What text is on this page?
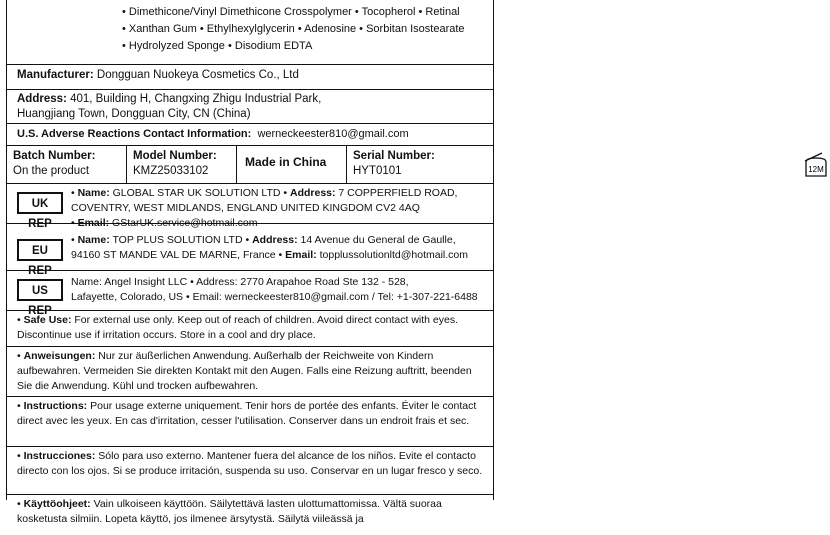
• Dimethicone/Vinyl Dimethicone Crosspolymer • Tocopherol • Retinal
• Xanthan Gum • Ethylhexylglycerin • Adenosine • Sorbitan Isostearate
• Hydrolyzed Sponge • Disodium EDTA
Manufacturer: Dongguan Nuokeya Cosmetics Co., Ltd
Address: 401, Building H, Changxing Zhigu Industrial Park,
Huangjiang Town, Dongguan City, CN (China)
U.S. Adverse Reactions Contact Information: werneckeester810@gmail.com
Batch Number:
On the product
Model Number:
KMZ25033102
Made in China	Serial Number:
HYT0101	12M
UK REP
• Name: GLOBAL STAR UK SOLUTION LTD • Address: 7 COPPERFIELD ROAD,
COVENTRY, WEST MIDLANDS, ENGLAND UNITED KINGDOM CV2 4AQ
• Email: GStarUK.service@hotmail.com
EU REP
• Name: TOP PLUS SOLUTION LTD • Address: 14 Avenue du General de Gaulle,
94160 ST MANDE VAL DE MARNE, France • Email: topplussolutionltd@hotmail.com
US REP
Name: Angel Insight LLC • Address: 2770 Arapahoe Road Ste 132 - 528,
Lafayette, Colorado, US • Email: werneckeester810@gmail.com / Tel: +1-307-221-6488
• Safe Use: For external use only. Keep out of reach of children. Avoid direct contact with eyes. Discontinue use if irritation occurs. Store in a cool and dry place.
• Anweisungen: Nur zur äußerlichen Anwendung. Außerhalb der Reichweite von Kindern aufbewahren. Vermeiden Sie direkten Kontakt mit den Augen. Falls eine Reizung auftritt, beenden Sie die Anwendung. Kühl und trocken aufbewahren.
• Instructions: Pour usage externe uniquement. Tenir hors de portée des enfants. Éviter le contact direct avec les yeux. En cas d'irritation, cesser l'utilisation. Conserver dans un endroit frais et sec.
• Instrucciones: Sólo para uso externo. Mantener fuera del alcance de los niños. Evite el contacto directo con los ojos. Si se produce irritación, suspenda su uso. Conservar en un lugar fresco y seco.
• Käyttöohjeet: Vain ulkoiseen käyttöön. Säilytettävä lasten ulottumattomissa. Vältä suoraa kosketusta silmiin. Lopeta käyttö, jos ilmenee ärsytystä. Säilytä viileässä ja
